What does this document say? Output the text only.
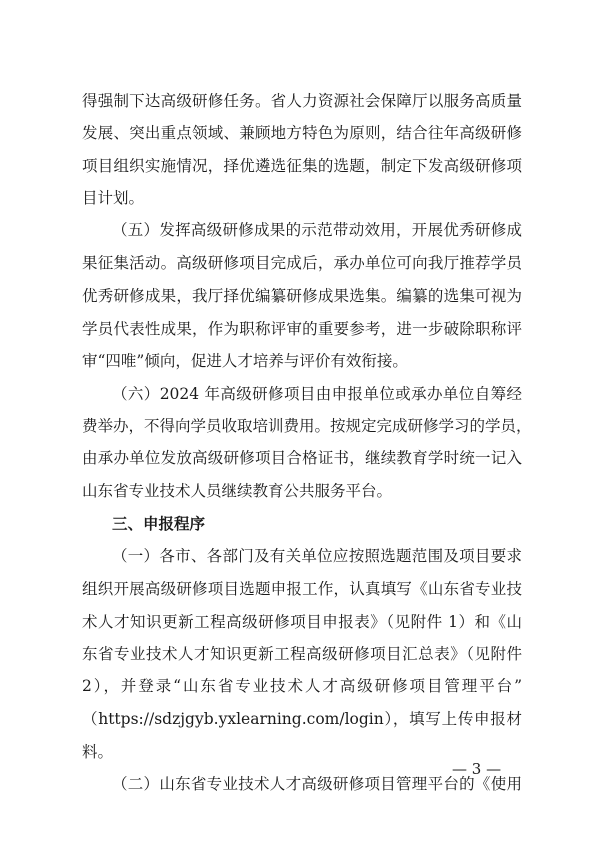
得强制下达高级研修任务。省人力资源社会保障厅以服务高质量
发展、突出重点领域、兼顾地方特色为原则，结合往年高级研修
项目组织实施情况，择优遴选征集的选题，制定下发高级研修项
目计划。
（五）发挥高级研修成果的示范带动效用，开展优秀研修成
果征集活动。高级研修项目完成后，承办单位可向我厅推荐学员
优秀研修成果，我厅择优编纂研修成果选集。编纂的选集可视为
学员代表性成果，作为职称评审的重要参考，进一步破除职称评
审“四唯”倾向，促进人才培养与评价有效衔接。
（六）2024 年高级研修项目由申报单位或承办单位自筹经
费举办，不得向学员收取培训费用。按规定完成研修学习的学员，
由承办单位发放高级研修项目合格证书，继续教育学时统一记入
山东省专业技术人员继续教育公共服务平台。
三、申报程序
（一）各市、各部门及有关单位应按照选题范围及项目要求
组织开展高级研修项目选题申报工作，认真填写《山东省专业技
术人才知识更新工程高级研修项目申报表》（见附件 1）和《山
东省专业技术人才知识更新工程高级研修项目汇总表》（见附件
2），并登录“山东省专业技术人才高级研修项目管理平台”
（https://sdzjgyb.yxlearning.com/login），填写上传申报材
料。
（二）山东省专业技术人才高级研修项目管理平台的《使用
— 3 —
